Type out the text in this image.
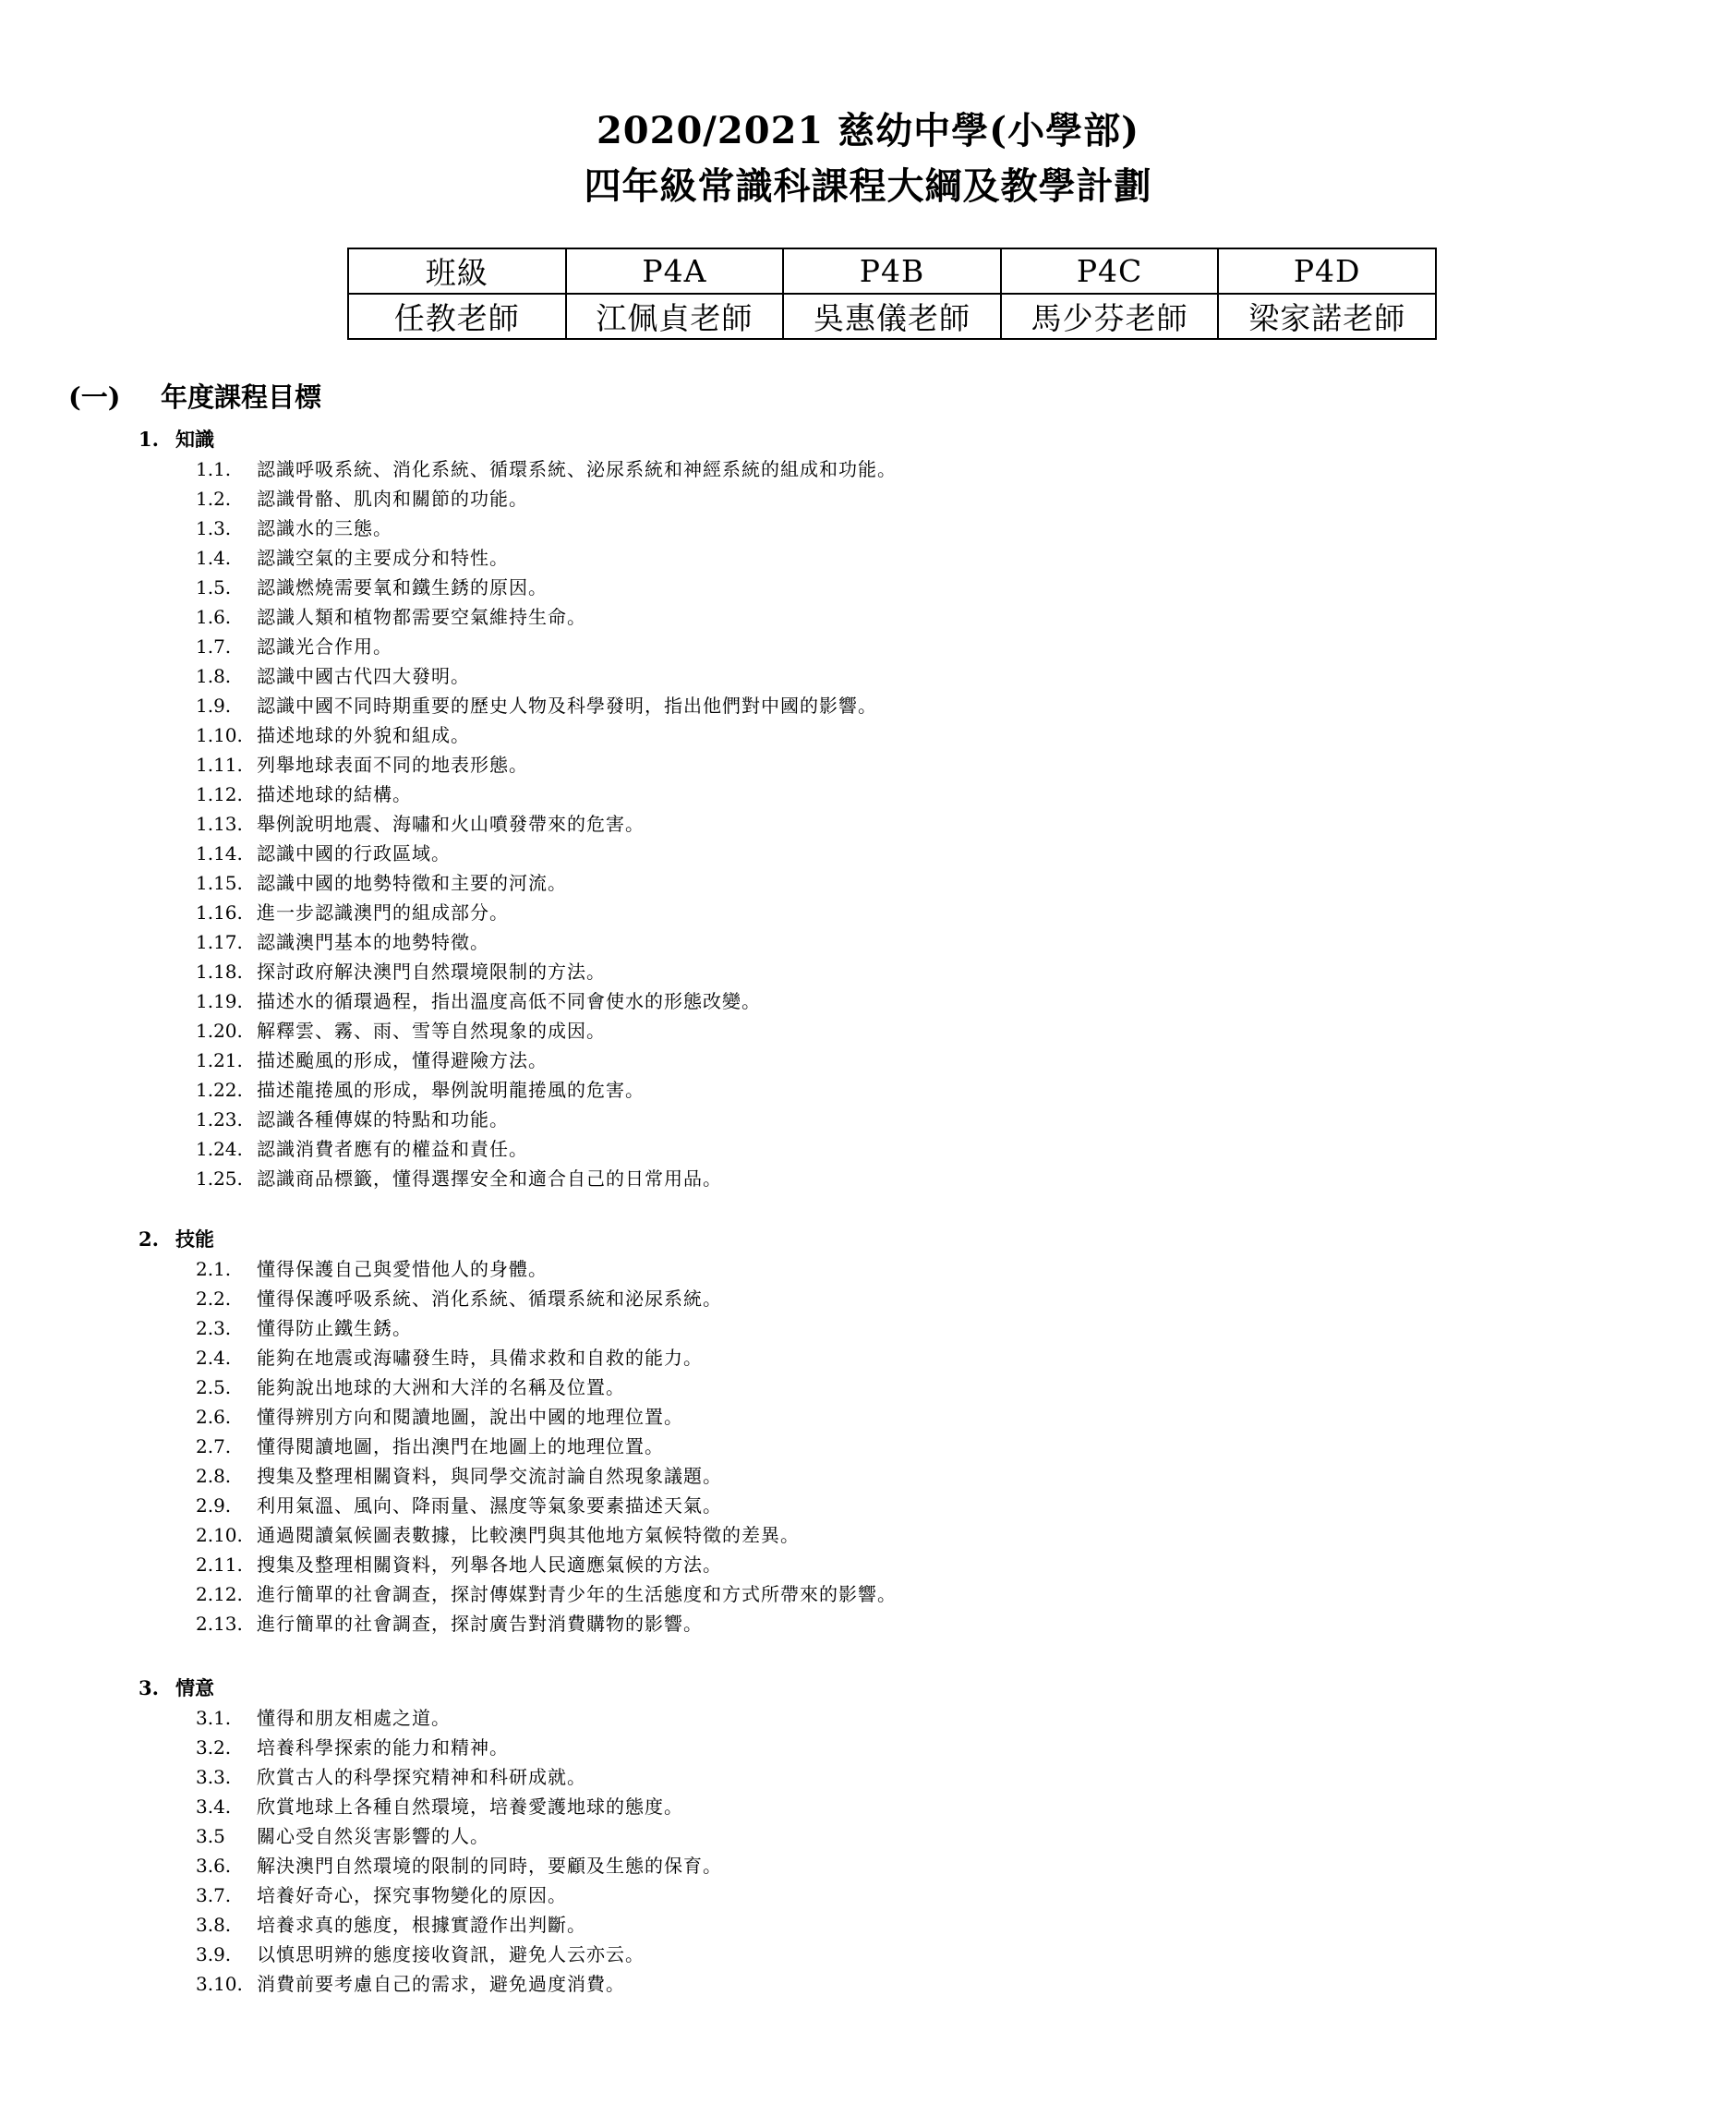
2020/2021 慈幼中學(小學部)
四年級常識科課程大綱及教學計劃
班級	P4A	P4B	P4C	P4D
任教老師	江佩貞老師	吳惠儀老師	馬少芬老師	梁家諾老師
(一) 年度課程目標
1. 知識
1.1. 認識呼吸系統、消化系統、循環系統、泌尿系統和神經系統的組成和功能。
1.2. 認識骨骼、肌肉和關節的功能。
1.3. 認識水的三態。
1.4. 認識空氣的主要成分和特性。
1.5. 認識燃燒需要氧和鐵生銹的原因。
1.6. 認識人類和植物都需要空氣維持生命。
1.7. 認識光合作用。
1.8. 認識中國古代四大發明。
1.9. 認識中國不同時期重要的歷史人物及科學發明，指出他們對中國的影響。
1.10. 描述地球的外貌和組成。
1.11. 列舉地球表面不同的地表形態。
1.12. 描述地球的結構。
1.13. 舉例說明地震、海嘯和火山噴發帶來的危害。
1.14. 認識中國的行政區域。
1.15. 認識中國的地勢特徵和主要的河流。
1.16. 進一步認識澳門的組成部分。
1.17. 認識澳門基本的地勢特徵。
1.18. 探討政府解決澳門自然環境限制的方法。
1.19. 描述水的循環過程，指出溫度高低不同會使水的形態改變。
1.20. 解釋雲、霧、雨、雪等自然現象的成因。
1.21. 描述颱風的形成，懂得避險方法。
1.22. 描述龍捲風的形成，舉例說明龍捲風的危害。
1.23. 認識各種傳媒的特點和功能。
1.24. 認識消費者應有的權益和責任。
1.25. 認識商品標籤，懂得選擇安全和適合自己的日常用品。
2. 技能
2.1. 懂得保護自己與愛惜他人的身體。
2.2. 懂得保護呼吸系統、消化系統、循環系統和泌尿系統。
2.3. 懂得防止鐵生銹。
2.4. 能夠在地震或海嘯發生時，具備求救和自救的能力。
2.5. 能夠說出地球的大洲和大洋的名稱及位置。
2.6. 懂得辨別方向和閱讀地圖，說出中國的地理位置。
2.7. 懂得閱讀地圖，指出澳門在地圖上的地理位置。
2.8. 搜集及整理相關資料，與同學交流討論自然現象議題。
2.9. 利用氣溫、風向、降雨量、濕度等氣象要素描述天氣。
2.10. 通過閱讀氣候圖表數據，比較澳門與其他地方氣候特徵的差異。
2.11. 搜集及整理相關資料，列舉各地人民適應氣候的方法。
2.12. 進行簡單的社會調查，探討傳媒對青少年的生活態度和方式所帶來的影響。
2.13. 進行簡單的社會調查，探討廣告對消費購物的影響。
3. 情意
3.1. 懂得和朋友相處之道。
3.2. 培養科學探索的能力和精神。
3.3. 欣賞古人的科學探究精神和科研成就。
3.4. 欣賞地球上各種自然環境，培養愛護地球的態度。
3.5 關心受自然災害影響的人。
3.6. 解決澳門自然環境的限制的同時，要顧及生態的保育。
3.7. 培養好奇心，探究事物變化的原因。
3.8. 培養求真的態度，根據實證作出判斷。
3.9. 以慎思明辨的態度接收資訊，避免人云亦云。
3.10. 消費前要考慮自己的需求，避免過度消費。
